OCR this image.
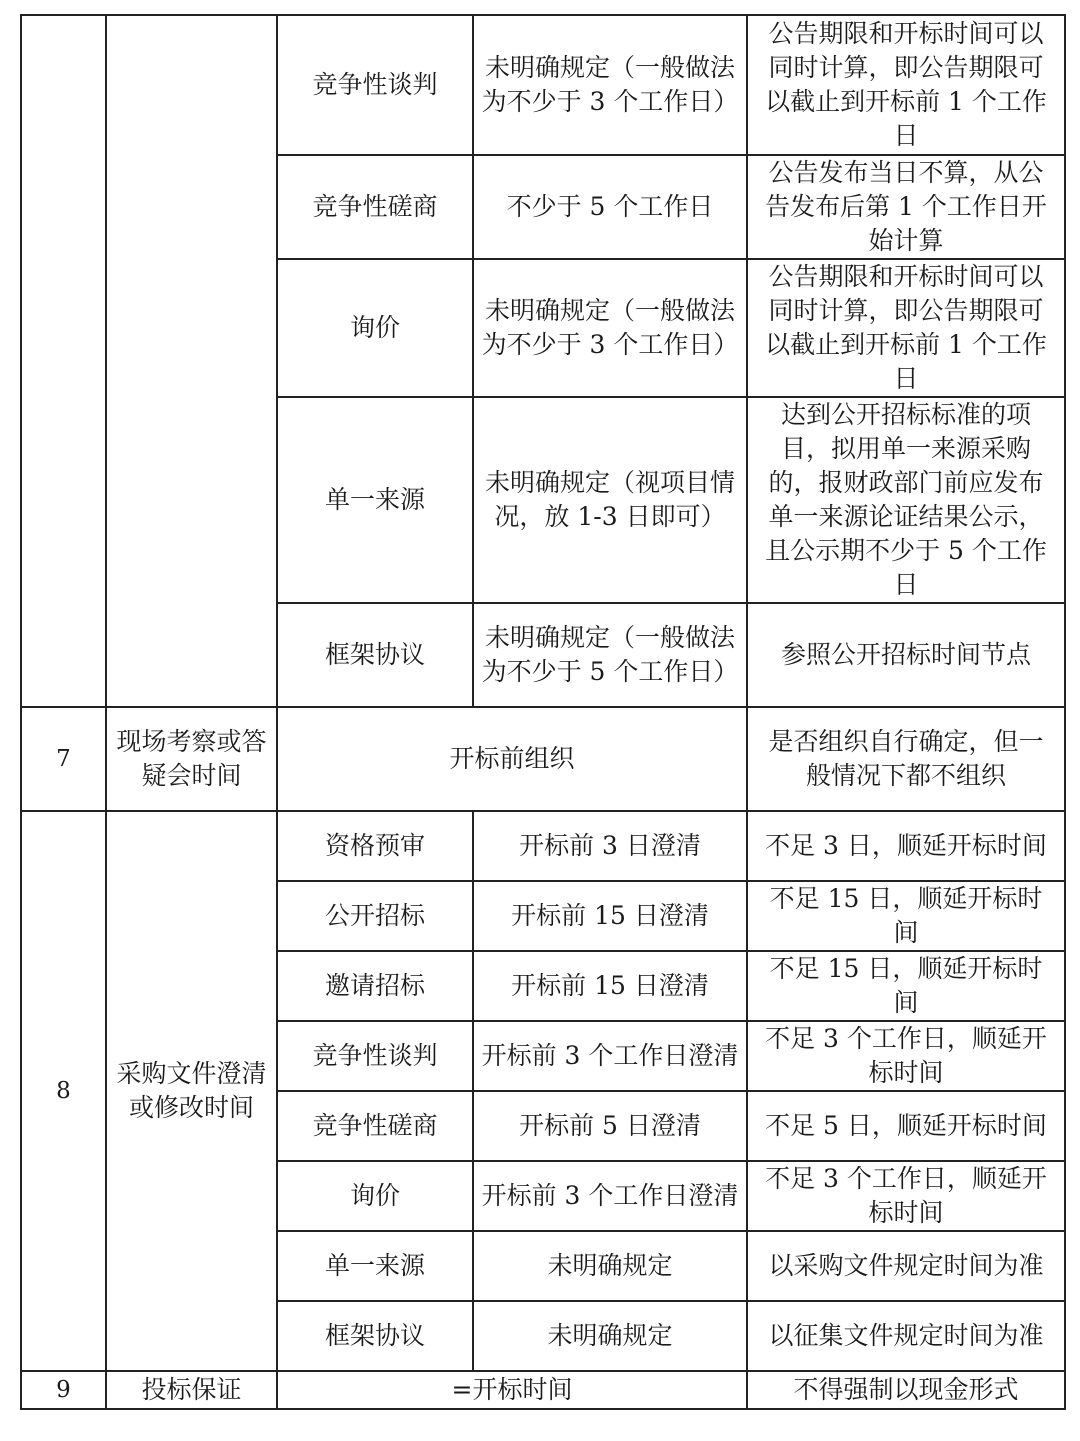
		竞争性谈判	未明确规定（一般做法为不少于 3 个工作日）	公告期限和开标时间可以同时计算，即公告期限可以截止到开标前 1 个工作日
		竞争性磋商	不少于 5 个工作日	公告发布当日不算，从公告发布后第 1 个工作日开始计算
		询价	未明确规定（一般做法为不少于 3 个工作日）	公告期限和开标时间可以同时计算，即公告期限可以截止到开标前 1 个工作日
		单一来源	未明确规定（视项目情况，放 1-3 日即可）	达到公开招标标准的项目，拟用单一来源采购的，报财政部门前应发布单一来源论证结果公示，且公示期不少于 5 个工作日
		框架协议	未明确规定（一般做法为不少于 5 个工作日）	参照公开招标时间节点
7	现场考察或答疑会时间	开标前组织		是否组织自行确定，但一般情况下都不组织
8	采购文件澄清或修改时间	资格预审	开标前 3 日澄清	不足 3 日，顺延开标时间
		公开招标	开标前 15 日澄清	不足 15 日，顺延开标时间
		邀请招标	开标前 15 日澄清	不足 15 日，顺延开标时间
		竞争性谈判	开标前 3 个工作日澄清	不足 3 个工作日，顺延开标时间
		竞争性磋商	开标前 5 日澄清	不足 5 日，顺延开标时间
		询价	开标前 3 个工作日澄清	不足 3 个工作日，顺延开标时间
		单一来源	未明确规定	以采购文件规定时间为准
		框架协议	未明确规定	以征集文件规定时间为准
9	投标保证	=开标时间		不得强制以现金形式
